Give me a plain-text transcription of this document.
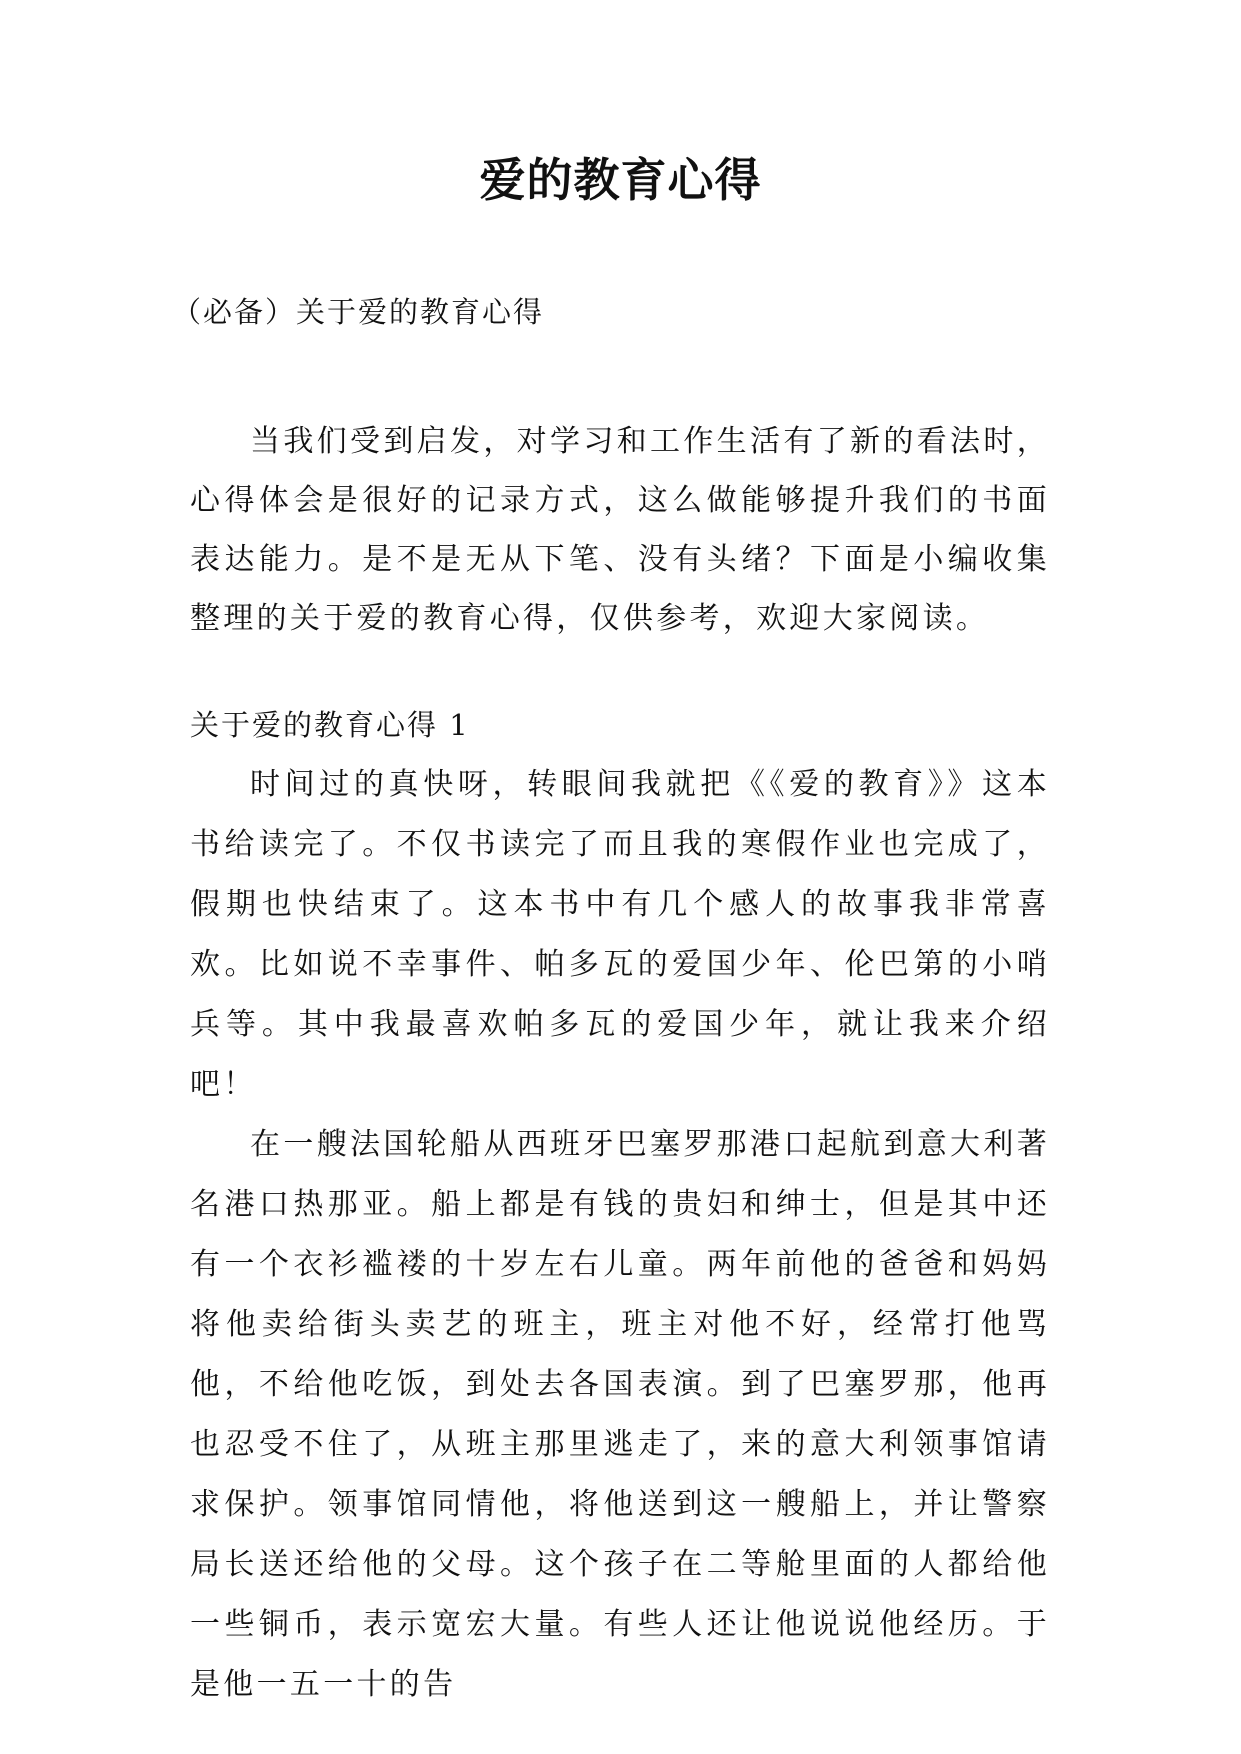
爱的教育心得
（必备）关于爱的教育心得

当我们受到启发，对学习和工作生活有了新的看法时，心得体会是很好的记录方式，这么做能够提升我们的书面表达能力。是不是无从下笔、没有头绪？下面是小编收集整理的关于爱的教育心得，仅供参考，欢迎大家阅读。

关于爱的教育心得 1

时间过的真快呀，转眼间我就把《《爱的教育》》这本书给读完了。不仅书读完了而且我的寒假作业也完成了，假期也快结束了。这本书中有几个感人的故事我非常喜欢。比如说不幸事件、帕多瓦的爱国少年、伦巴第的小哨兵等。其中我最喜欢帕多瓦的爱国少年，就让我来介绍吧！

在一艘法国轮船从西班牙巴塞罗那港口起航到意大利著名港口热那亚。船上都是有钱的贵妇和绅士，但是其中还有一个衣衫褴褛的十岁左右儿童。两年前他的爸爸和妈妈将他卖给街头卖艺的班主，班主对他不好，经常打他骂他，不给他吃饭，到处去各国表演。到了巴塞罗那，他再也忍受不住了，从班主那里逃走了，来的意大利领事馆请求保护。领事馆同情他，将他送到这一艘船上，并让警察局长送还给他的父母。这个孩子在二等舱里面的人都给他一些铜币，表示宽宏大量。有些人还让他说说他经历。于是他一五一十的告
